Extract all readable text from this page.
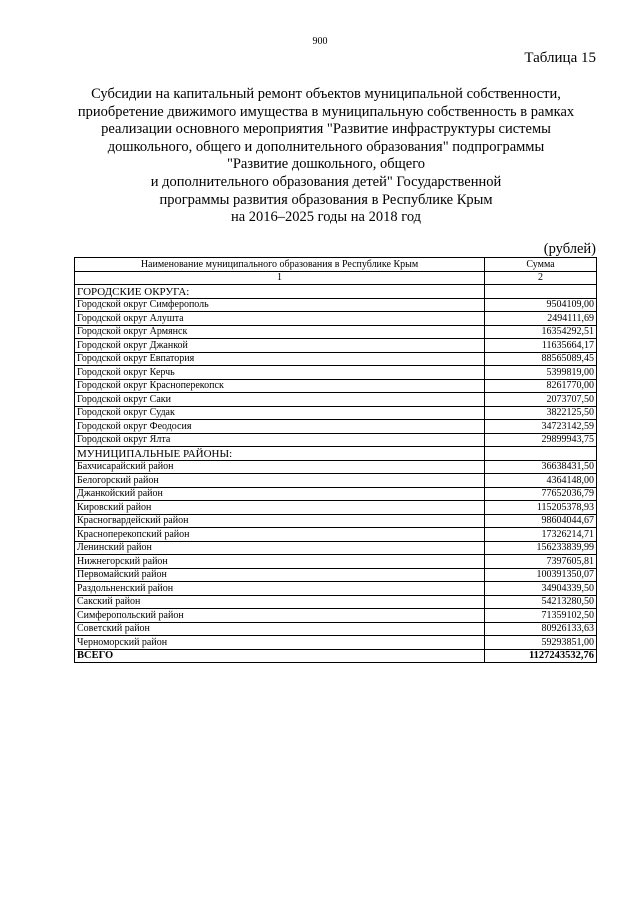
900
Таблица 15
Субсидии на капитальный ремонт объектов муниципальной собственности,
приобретение движимого имущества в муниципальную собственность в рамках
реализации основного мероприятия "Развитие инфраструктуры системы
дошкольного, общего и дополнительного образования" подпрограммы
"Развитие дошкольного, общего
и дополнительного образования детей" Государственной
программы развития образования в Республике Крым
на 2016–2025 годы на 2018 год
(рублей)
Наименование муниципального образования в Республике Крым	Сумма
1	2
ГОРОДСКИЕ ОКРУГА:	
Городской округ Симферополь	9504109,00
Городской округ Алушта	2494111,69
Городской округ Армянск	16354292,51
Городской округ Джанкой	11635664,17
Городской округ Евпатория	88565089,45
Городской округ Керчь	5399819,00
Городской округ Красноперекопск	8261770,00
Городской округ Саки	2073707,50
Городской округ Судак	3822125,50
Городской округ Феодосия	34723142,59
Городской округ Ялта	29899943,75
МУНИЦИПАЛЬНЫЕ РАЙОНЫ:	
Бахчисарайский район	36638431,50
Белогорский район	4364148,00
Джанкойский район	77652036,79
Кировский район	115205378,93
Красногвардейский район	98604044,67
Красноперекопский район	17326214,71
Ленинский район	156233839,99
Нижнегорский район	7397605,81
Первомайский район	100391350,07
Раздольненский район	34904339,50
Сакский район	54213280,50
Симферопольский район	71359102,50
Советский район	80926133,63
Черноморский район	59293851,00
ВСЕГО	1127243532,76
